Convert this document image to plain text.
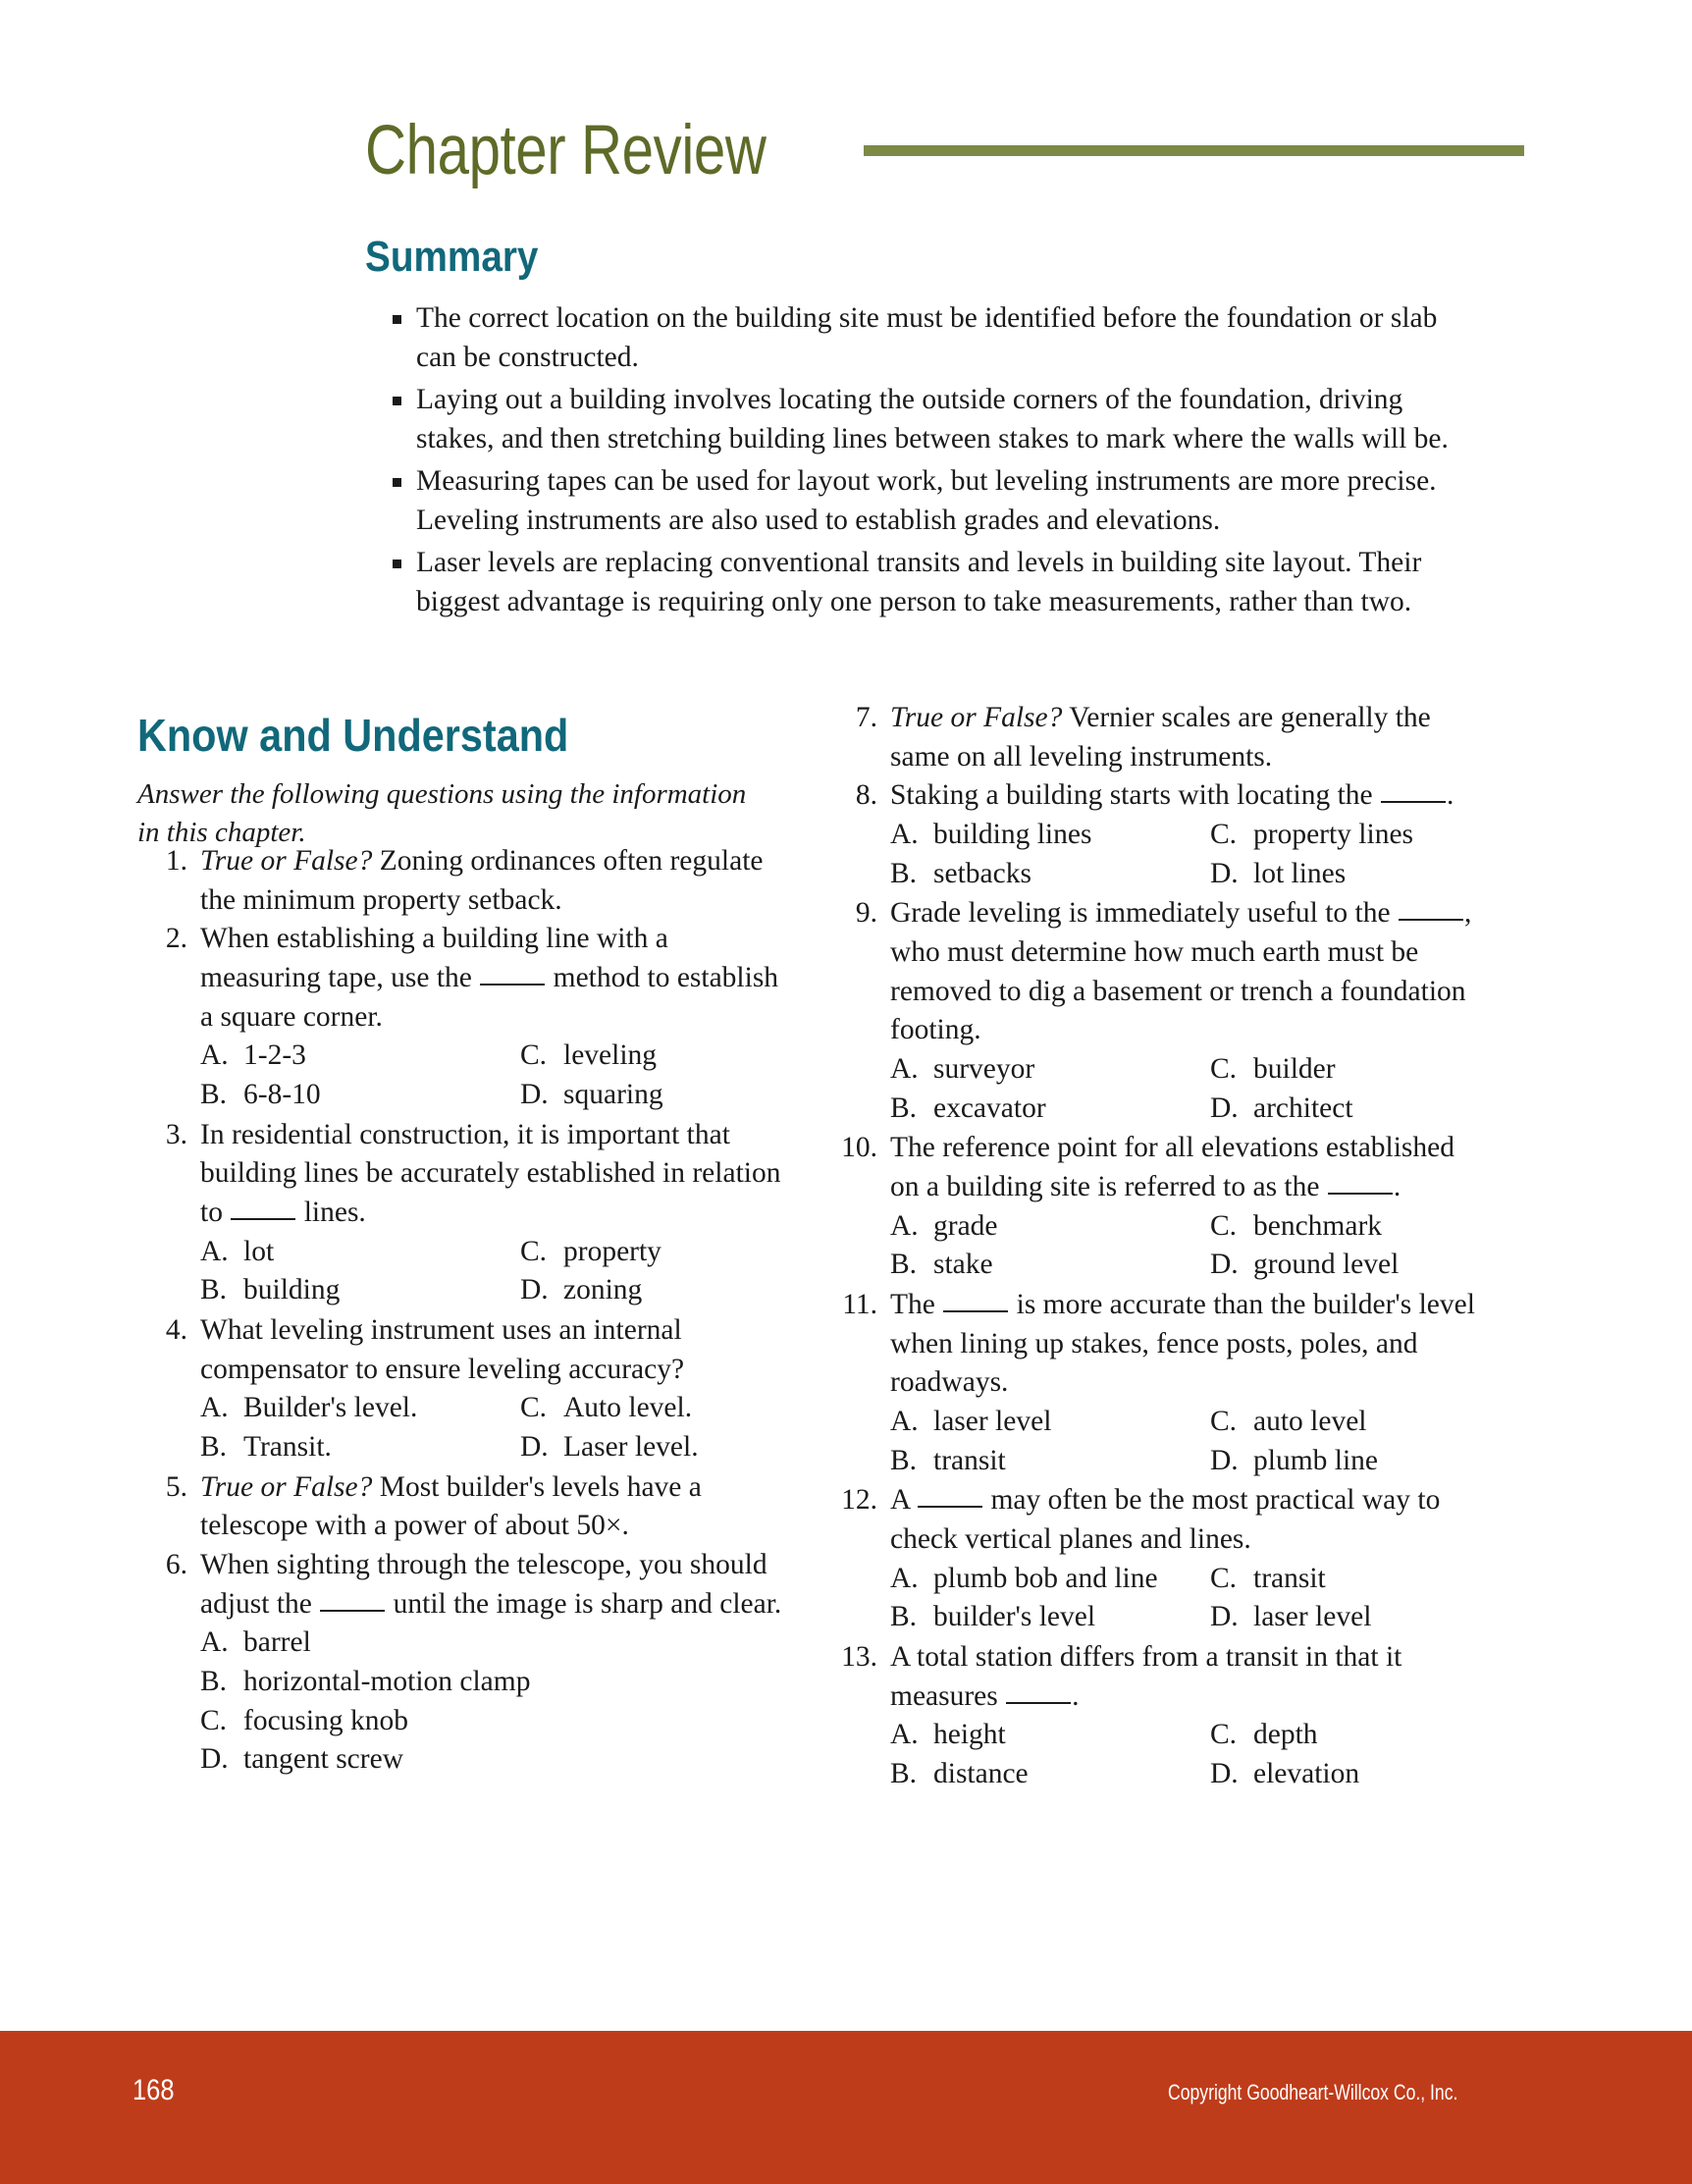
Chapter Review
Summary
The correct location on the building site must be identified before the foundation or slab can be constructed.
Laying out a building involves locating the outside corners of the foundation, driving stakes, and then stretching building lines between stakes to mark where the walls will be.
Measuring tapes can be used for layout work, but leveling instruments are more precise. Leveling instruments are also used to establish grades and elevations.
Laser levels are replacing conventional transits and levels in building site layout. Their biggest advantage is requiring only one person to take measurements, rather than two.
Know and Understand
Answer the following questions using the information in this chapter.
1. True or False? Zoning ordinances often regulate the minimum property setback.
2. When establishing a building line with a measuring tape, use the  method to establish a square corner.
A. 1-2-3	C. leveling
B. 6-8-10	D. squaring
3. In residential construction, it is important that building lines be accurately established in relation to  lines.
A. lot	C. property
B. building	D. zoning
4. What leveling instrument uses an internal compensator to ensure leveling accuracy?
A. Builder's level.	C. Auto level.
B. Transit.	D. Laser level.
5. True or False? Most builder's levels have a telescope with a power of about 50×.
6. When sighting through the telescope, you should adjust the  until the image is sharp and clear.
A. barrel
B. horizontal-motion clamp
C. focusing knob
D. tangent screw
7. True or False? Vernier scales are generally the same on all leveling instruments.
8. Staking a building starts with locating the .
A. building lines	C. property lines
B. setbacks	D. lot lines
9. Grade leveling is immediately useful to the , who must determine how much earth must be removed to dig a basement or trench a foundation footing.
A. surveyor	C. builder
B. excavator	D. architect
10. The reference point for all elevations established on a building site is referred to as the .
A. grade	C. benchmark
B. stake	D. ground level
11. The  is more accurate than the builder's level when lining up stakes, fence posts, poles, and roadways.
A. laser level	C. auto level
B. transit	D. plumb line
12. A  may often be the most practical way to check vertical planes and lines.
A. plumb bob and line	C. transit
B. builder's level	D. laser level
13. A total station differs from a transit in that it measures .
A. height	C. depth
B. distance	D. elevation
168	Copyright Goodheart-Willcox Co., Inc.
